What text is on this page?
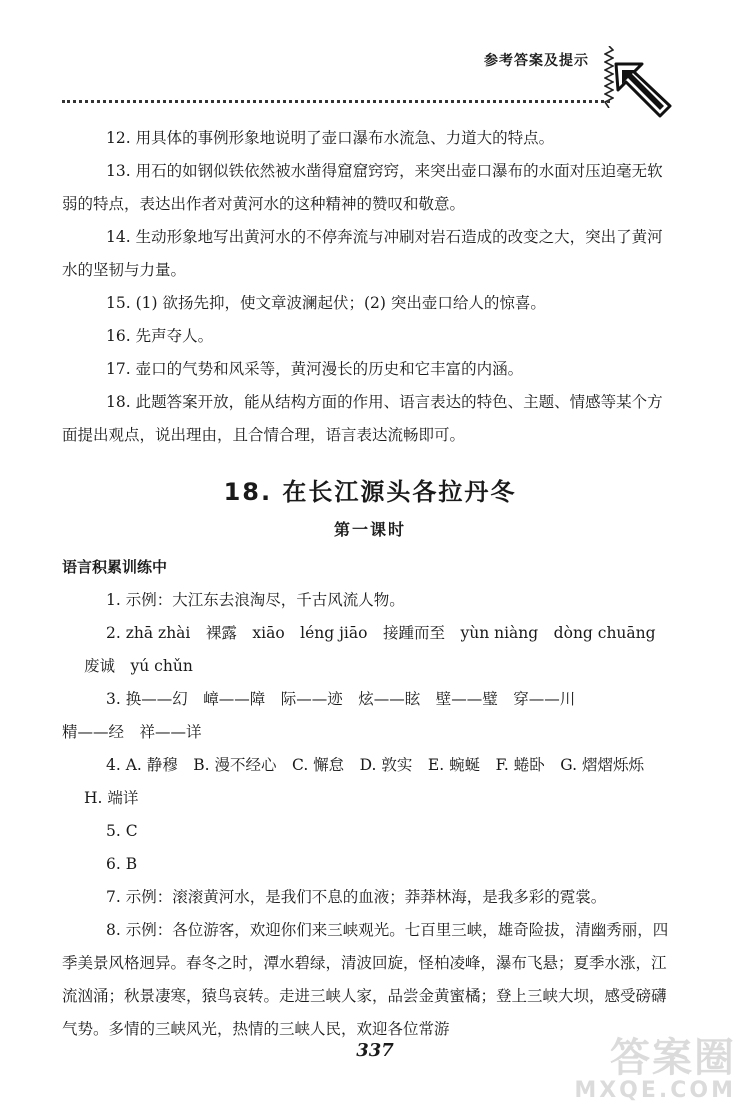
参考答案及提示

12. 用具体的事例形象地说明了壶口瀑布水流急、力道大的特点。

13. 用石的如钢似铁依然被水凿得窟窟窍窍，来突出壶口瀑布的水面对压迫毫无软弱的特点，表达出作者对黄河水的这种精神的赞叹和敬意。

14. 生动形象地写出黄河水的不停奔流与冲刷对岩石造成的改变之大，突出了黄河水的坚韧与力量。

15. (1) 欲扬先抑，使文章波澜起伏；(2) 突出壶口给人的惊喜。

16. 先声夺人。

17. 壶口的气势和风采等，黄河漫长的历史和它丰富的内涵。

18. 此题答案开放，能从结构方面的作用、语言表达的特色、主题、情感等某个方面提出观点，说出理由，且合情合理，语言表达流畅即可。

18. 在长江源头各拉丹冬
第一课时
语言积累训练中

1. 示例：大江东去浪淘尽，千古风流人物。

2. zhā zhài　裸露　xiāo　léng jiāo　接踵而至　yùn niàng　dòng chuāng

废诚　yú chǔn

3. 换——幻　嶂——障　际——迹　炫——眩　壁——璧　穿——川

精——经　祥——详

4. A. 静穆　B. 漫不经心　C. 懈怠　D. 敦实　E. 蜿蜒　F. 蜷卧　G. 熠熠烁烁

H. 端详

5. C

6. B

7. 示例：滚滚黄河水，是我们不息的血液；莽莽林海，是我多彩的霓裳。

8. 示例：各位游客，欢迎你们来三峡观光。七百里三峡，雄奇险拔，清幽秀丽，四季美景风格迥异。春冬之时，潭水碧绿，清波回旋，怪柏凌峰，瀑布飞悬；夏季水涨，江流汹涌；秋景凄寒，猿鸟哀转。走进三峡人家，品尝金黄蜜橘；登上三峡大坝，感受磅礴气势。多情的三峡风光，热情的三峡人民，欢迎各位常游

337	答案圈
MXQE.COM
